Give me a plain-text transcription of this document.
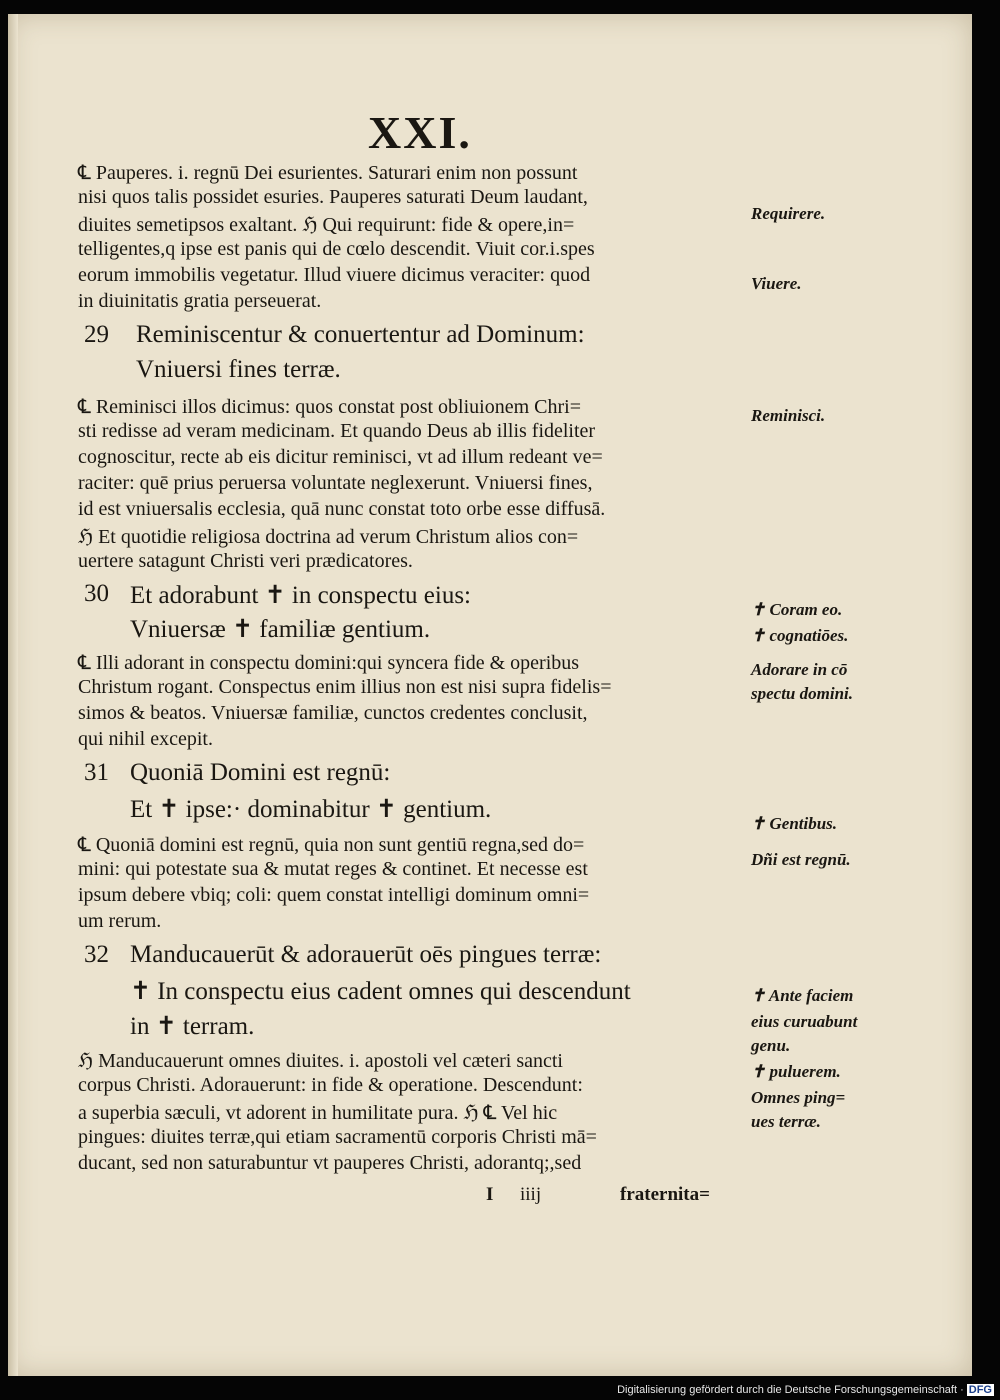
XXI.
℄ Pauperes. i. regnū Dei esurientes. Saturari enim non possunt
nisi quos talis possidet esuries. Pauperes saturati Deum laudant,
diuites semetipsos exaltant. ℌ Qui requirunt: fide & opere,in=
telligentes,q ipse est panis qui de cœlo descendit. Viuit cor.i.spes
eorum immobilis vegetatur. Illud viuere dicimus veraciter: quod
in diuinitatis gratia perseuerat.
29 Reminiscentur & conuertentur ad Dominum:
Vniuersi fines terræ.
℄ Reminisci illos dicimus: quos constat post obliuionem Chri=
sti redisse ad veram medicinam. Et quando Deus ab illis fideliter
cognoscitur, recte ab eis dicitur reminisci, vt ad illum redeant ve=
raciter: quē prius peruersa voluntate neglexerunt. Vniuersi fines,
id est vniuersalis ecclesia, quā nunc constat toto orbe esse diffusā.
ℌ Et quotidie religiosa doctrina ad verum Christum alios con=
uertere satagunt Christi veri prædicatores.
30 Et adorabunt ✝ in conspectu eius:
Vniuersæ ✝ familiæ gentium.
℄ Illi adorant in conspectu domini:qui syncera fide & operibus
Christum rogant. Conspectus enim illius non est nisi supra fidelis=
simos & beatos. Vniuersæ familiæ, cunctos credentes conclusit,
qui nihil excepit.
31 Quoniā Domini est regnū:
Et ✝ ipse:· dominabitur ✝ gentium.
℄ Quoniā domini est regnū, quia non sunt gentiū regna,sed do=
mini: qui potestate sua & mutat reges & continet. Et necesse est
ipsum debere vbiq; coli: quem constat intelligi dominum omni=
um rerum.
32 Manducauerūt & adorauerūt oēs pingues terræ:
✝ In conspectu eius cadent omnes qui descendunt
in ✝ terram.
ℌ Manducauerunt omnes diuites. i. apostoli vel cæteri sancti
corpus Christi. Adorauerunt: in fide & operatione. Descendunt:
a superbia sæculi, vt adorent in humilitate pura. ℌ ℄ Vel hic
pingues: diuites terræ,qui etiam sacramentū corporis Christi mā=
ducant, sed non saturabuntur vt pauperes Christi, adorantq;,sed
Requirere.
Viuere.
Reminisci.
✝ Coram eo.
✝ cognatiōes.
Adorare in cō
spectu domini.
✝ Gentibus.
Dñi est regnū.
✝ Ante faciem
eius curuabunt
genu.
✝ puluerem.
Omnes ping=
ues terræ.
I iiij	fraternita=
Digitalisierung gefördert durch die Deutsche Forschungsgemeinschaft · DFG
